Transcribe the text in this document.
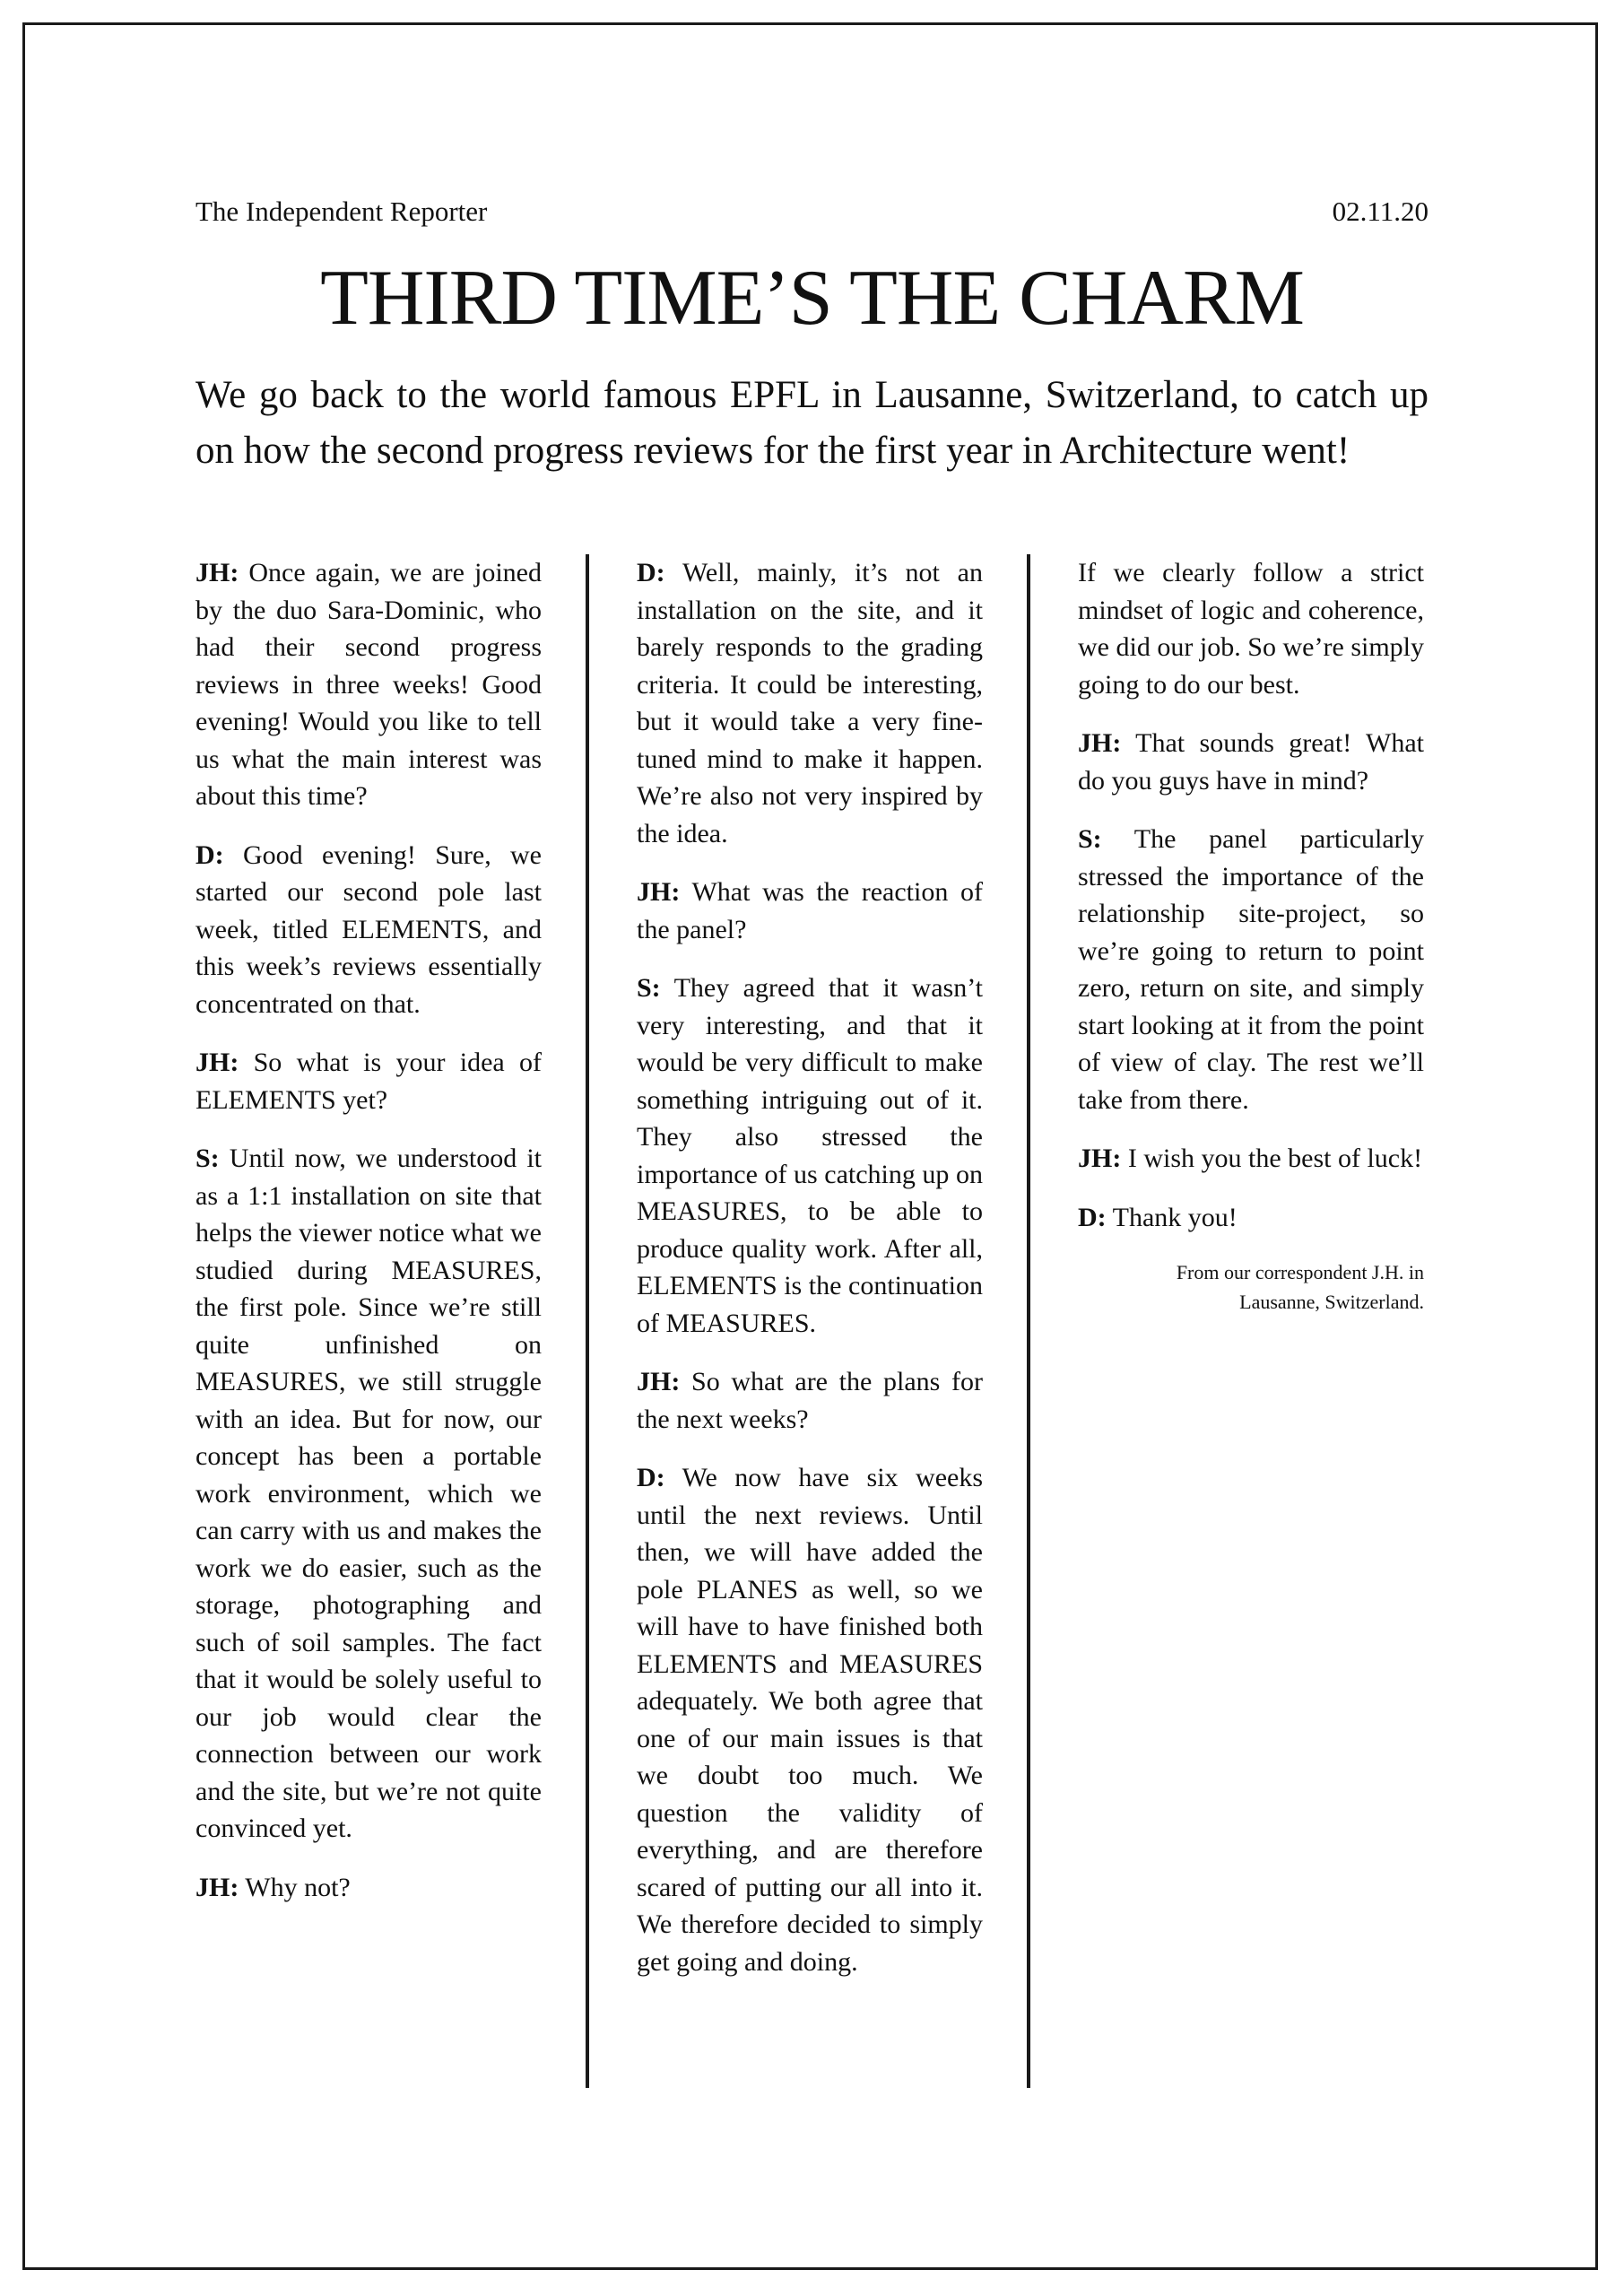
The Independent Reporter	02.11.20
THIRD TIME’S THE CHARM

We go back to the world famous EPFL in Lausanne, Switzerland, to catch up on how the second progress reviews for the first year in Architecture went!

JH: Once again, we are joined by the duo Sara-Dominic, who had their second progress reviews in three weeks! Good evening! Would you like to tell us what the main interest was about this time?

D: Good evening! Sure, we started our second pole last week, titled ELEMENTS, and this week’s reviews essentially concentrated on that.

JH: So what is your idea of ELEMENTS yet?

S: Until now, we understood it as a 1:1 installation on site that helps the viewer notice what we studied during MEASURES, the first pole. Since we’re still quite unfinished on MEASURES, we still struggle with an idea. But for now, our concept has been a portable work environment, which we can carry with us and makes the work we do easier, such as the storage, photographing and such of soil samples. The fact that it would be solely useful to our job would clear the connection between our work and the site, but we’re not quite convinced yet.

JH: Why not?

D: Well, mainly, it’s not an installation on the site, and it barely responds to the grading criteria. It could be interesting, but it would take a very fine-tuned mind to make it happen. We’re also not very inspired by the idea.

JH: What was the reaction of the panel?

S: They agreed that it wasn’t very interesting, and that it would be very difficult to make something intriguing out of it. They also stressed the importance of us catching up on MEASURES, to be able to produce quality work. After all, ELEMENTS is the continuation of MEASURES.

JH: So what are the plans for the next weeks?

D: We now have six weeks until the next reviews. Until then, we will have added the pole PLANES as well, so we will have to have finished both ELEMENTS and MEASURES adequately. We both agree that one of our main issues is that we doubt too much. We question the validity of everything, and are therefore scared of putting our all into it. We therefore decided to simply get going and doing.

If we clearly follow a strict mindset of logic and coherence, we did our job. So we’re simply going to do our best.

JH: That sounds great! What do you guys have in mind?

S: The panel particularly stressed the importance of the relationship site-project, so we’re going to return to point zero, return on site, and simply start looking at it from the point of view of clay. The rest we’ll take from there.

JH: I wish you the best of luck!

D: Thank you!

From our correspondent J.H. in
Lausanne, Switzerland.
